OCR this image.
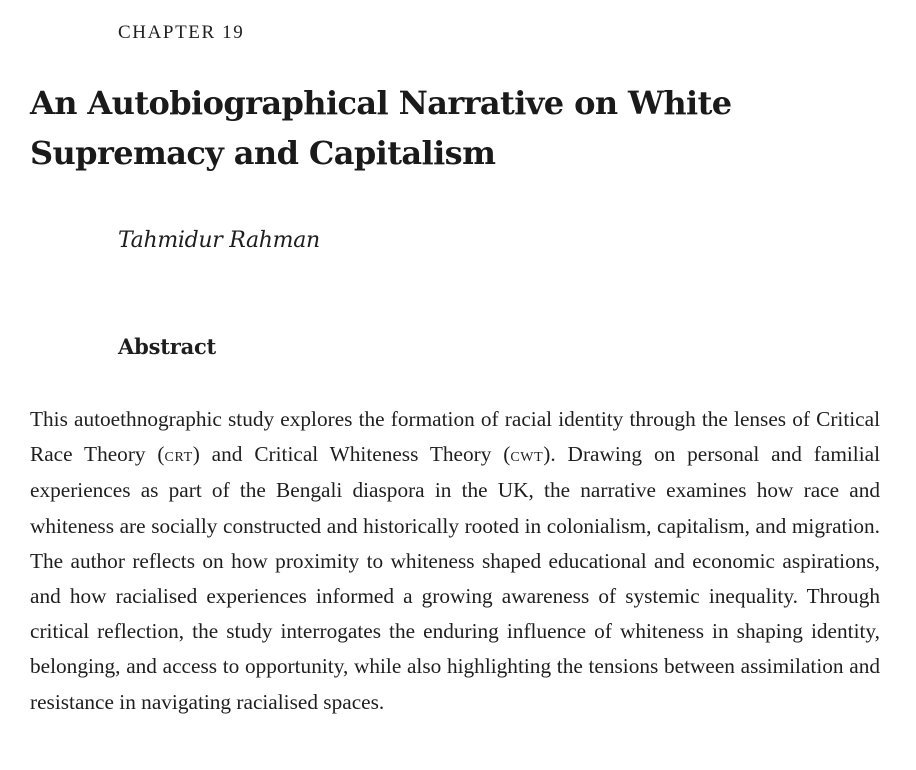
CHAPTER 19

An Autobiographical Narrative on White Supremacy and Capitalism

Tahmidur Rahman

Abstract

This autoethnographic study explores the formation of racial identity through the lenses of Critical Race Theory (crt) and Critical Whiteness Theory (cwt). Drawing on personal and familial experiences as part of the Bengali diaspora in the UK, the narrative examines how race and whiteness are socially constructed and historically rooted in colonialism, capitalism, and migration. The author reflects on how proximity to whiteness shaped educational and economic aspirations, and how racialised experiences informed a growing awareness of systemic inequality. Through critical reflection, the study interrogates the enduring influence of whiteness in shaping identity, belonging, and access to opportunity, while also highlighting the tensions between assimilation and resistance in navigating racialised spaces.
